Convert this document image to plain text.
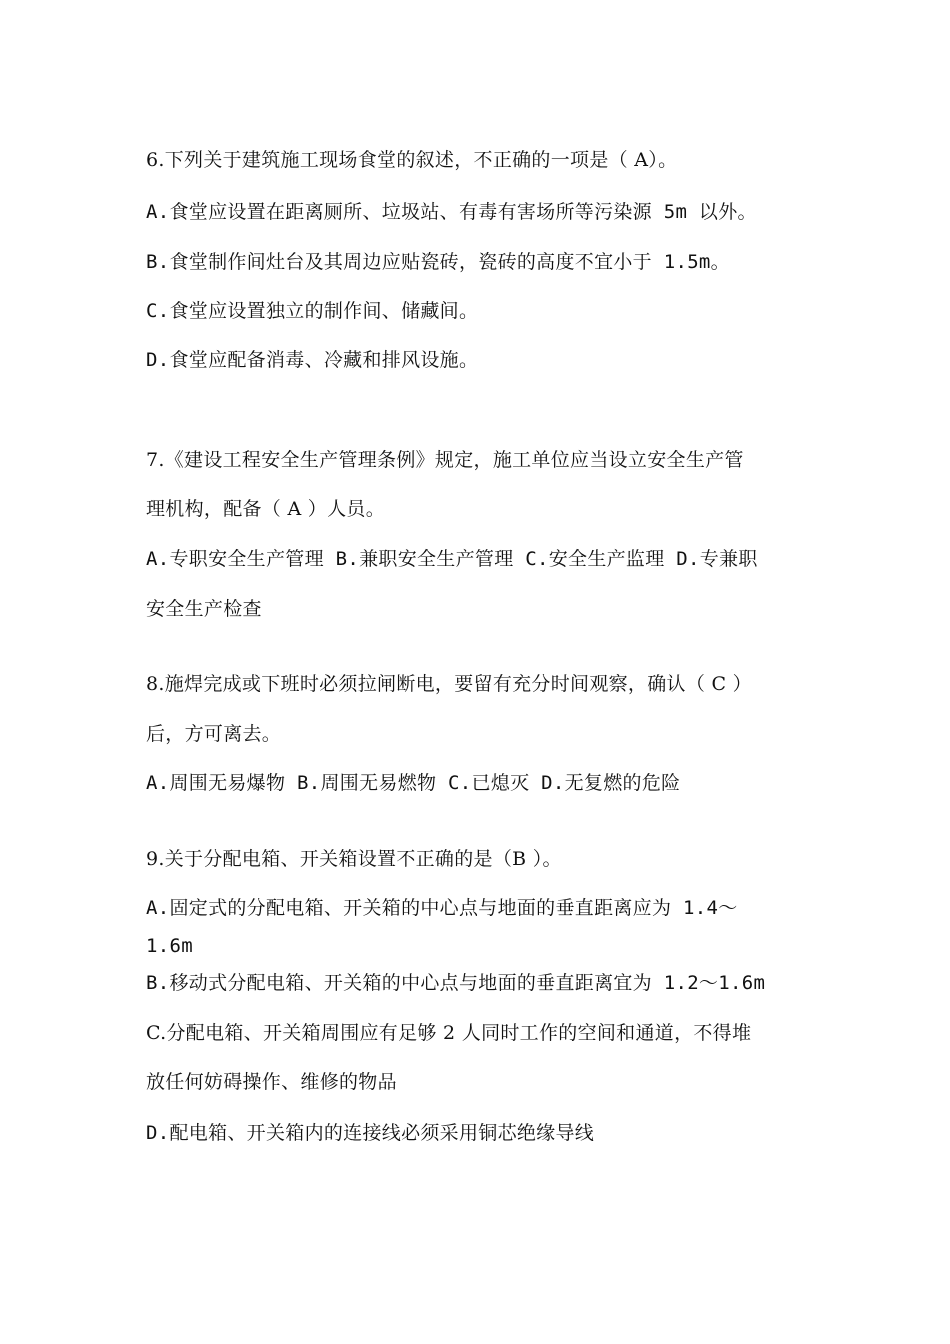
6.下列关于建筑施工现场食堂的叙述，不正确的一项是（ A）。
A.食堂应设置在距离厕所、垃圾站、有毒有害场所等污染源 5m 以外。
B.食堂制作间灶台及其周边应贴瓷砖，瓷砖的高度不宜小于 1.5m。
C.食堂应设置独立的制作间、储藏间。
D.食堂应配备消毒、冷藏和排风设施。
7.《建设工程安全生产管理条例》规定，施工单位应当设立安全生产管
理机构，配备（ A ）人员。
A.专职安全生产管理 B.兼职安全生产管理 C.安全生产监理 D.专兼职
安全生产检查
8.施焊完成或下班时必须拉闸断电，要留有充分时间观察，确认（ C ）
后，方可离去。
A.周围无易爆物 B.周围无易燃物 C.已熄灭 D.无复燃的危险
9.关于分配电箱、开关箱设置不正确的是（B ）。
A.固定式的分配电箱、开关箱的中心点与地面的垂直距离应为 1.4～
1.6m
B.移动式分配电箱、开关箱的中心点与地面的垂直距离宜为 1.2～1.6m
C.分配电箱、开关箱周围应有足够 2 人同时工作的空间和通道，不得堆
放任何妨碍操作、维修的物品
D.配电箱、开关箱内的连接线必须采用铜芯绝缘导线
